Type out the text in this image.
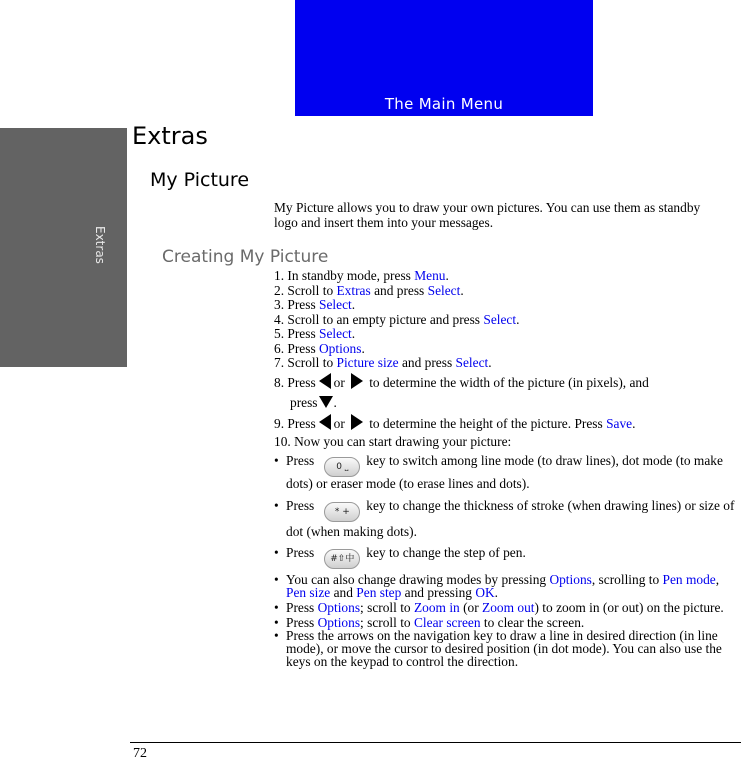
The Main Menu
Extras
Extras
My Picture
My Picture allows you to draw your own pictures. You can use them as standby logo and insert them into your messages.
Creating My Picture
1. In standby mode, press Menu.
2. Scroll to Extras and press Select.
3. Press Select.
4. Scroll to an empty picture and press Select.
5. Press Select.
6. Press Options.
7. Scroll to Picture size and press Select.
8. Press or to determine the width of the picture (in pixels), and
press .
9. Press or to determine the height of the picture. Press Save.
10. Now you can start drawing your picture:
• Press 0 ⎵ key to switch among line mode (to draw lines), dot mode (to make dots) or eraser mode (to erase lines and dots).
• Press * + key to change the thickness of stroke (when drawing lines) or size of dot (when making dots).
• Press #⇧中 key to change the step of pen.
• You can also change drawing modes by pressing Options, scrolling to Pen mode, Pen size and Pen step and pressing OK.
• Press Options; scroll to Zoom in (or Zoom out) to zoom in (or out) on the picture.
• Press Options; scroll to Clear screen to clear the screen.
• Press the arrows on the navigation key to draw a line in desired direction (in line mode), or move the cursor to desired position (in dot mode). You can also use the keys on the keypad to control the direction.
72
